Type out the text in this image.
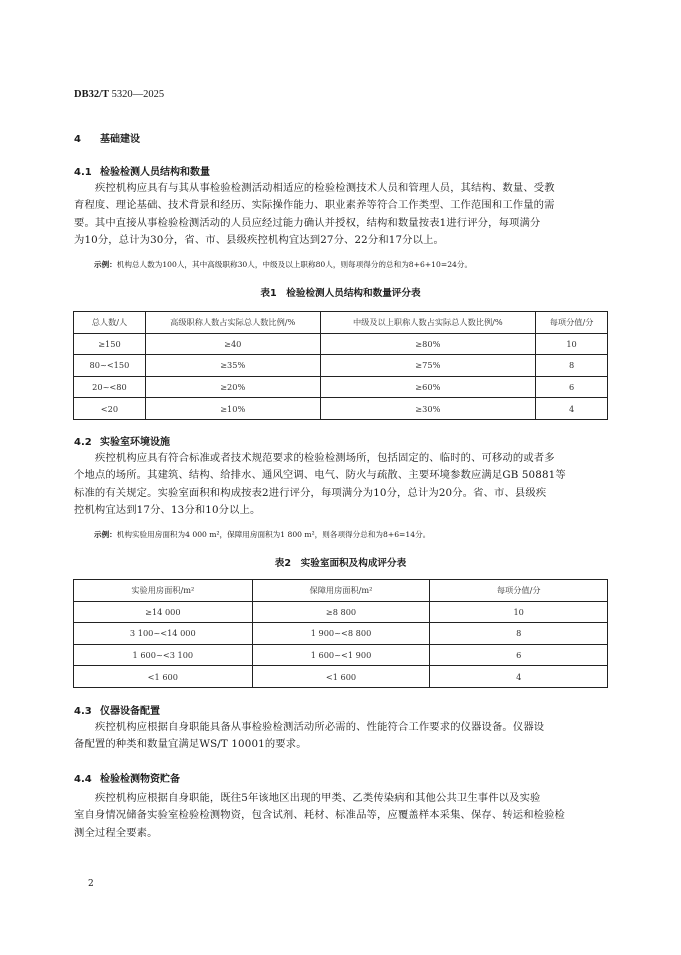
DB32/T 5320—2025
4 基础建设
4.1 检验检测人员结构和数量
疾控机构应具有与其从事检验检测活动相适应的检验检测技术人员和管理人员，其结构、数量、受教
育程度、理论基础、技术背景和经历、实际操作能力、职业素养等符合工作类型、工作范围和工作量的需
要。其中直接从事检验检测活动的人员应经过能力确认并授权，结构和数量按表1进行评分，每项满分
为10分，总计为30分，省、市、县级疾控机构宜达到27分、22分和17分以上。
示例：机构总人数为100人，其中高级职称30人，中级及以上职称80人，则每项得分的总和为8+6+10=24分。
表1　检验检测人员结构和数量评分表
总人数/人	高级职称人数占实际总人数比例/%	中级及以上职称人数占实际总人数比例/%	每项分值/分
≥150	≥40	≥80%	10
80~<150	≥35%	≥75%	8
20~<80	≥20%	≥60%	6
<20	≥10%	≥30%	4
4.2 实验室环境设施
疾控机构应具有符合标准或者技术规范要求的检验检测场所，包括固定的、临时的、可移动的或者多
个地点的场所。其建筑、结构、给排水、通风空调、电气、防火与疏散、主要环境参数应满足GB 50881等
标准的有关规定。实验室面积和构成按表2进行评分，每项满分为10分，总计为20分。省、市、县级疾
控机构宜达到17分、13分和10分以上。
示例：机构实验用房面积为4 000 m²，保障用房面积为1 800 m²，则各项得分总和为8+6=14分。
表2　实验室面积及构成评分表
实验用房面积/m²	保障用房面积/m²	每项分值/分
≥14 000	≥8 800	10
3 100~<14 000	1 900~<8 800	8
1 600~<3 100	1 600~<1 900	6
<1 600	<1 600	4
4.3 仪器设备配置
疾控机构应根据自身职能具备从事检验检测活动所必需的、性能符合工作要求的仪器设备。仪器设
备配置的种类和数量宜满足WS/T 10001的要求。
4.4 检验检测物资贮备
疾控机构应根据自身职能，既往5年该地区出现的甲类、乙类传染病和其他公共卫生事件以及实验
室自身情况储备实验室检验检测物资，包含试剂、耗材、标准品等，应覆盖样本采集、保存、转运和检验检
测全过程全要素。
2
